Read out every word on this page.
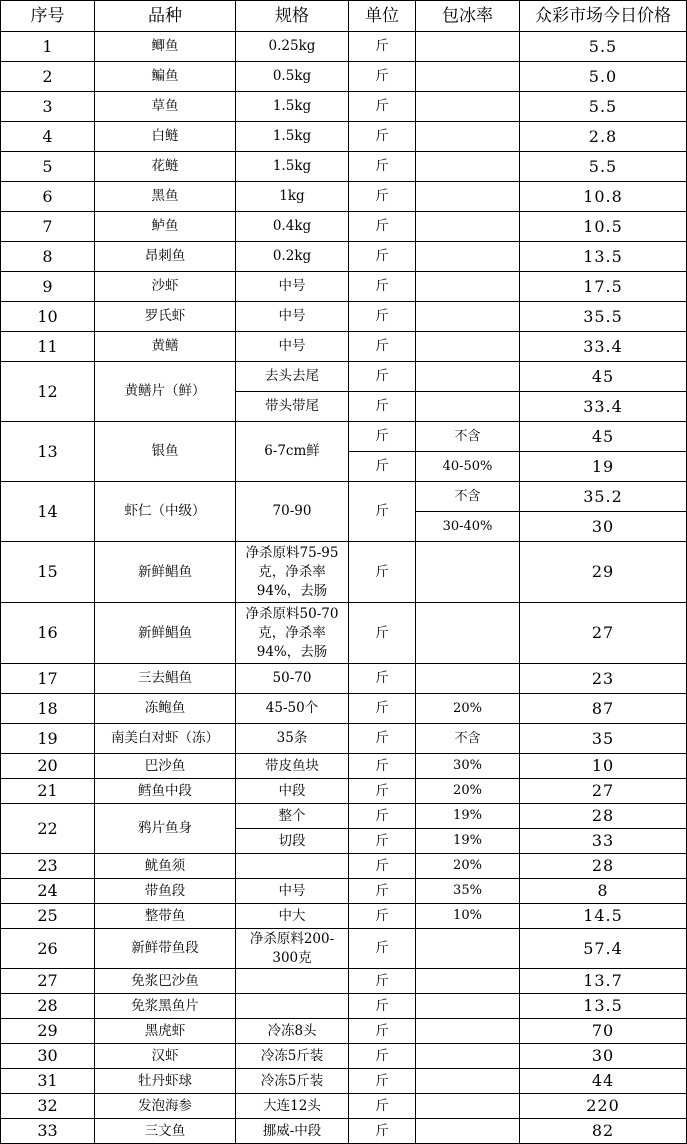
序号	品种	规格	单位	包冰率	众彩市场今日价格
1	鲫鱼	0.25kg	斤		5.5
2	鳊鱼	0.5kg	斤		5.0
3	草鱼	1.5kg	斤		5.5
4	白鲢	1.5kg	斤		2.8
5	花鲢	1.5kg	斤		5.5
6	黑鱼	1kg	斤		10.8
7	鲈鱼	0.4kg	斤		10.5
8	昂刺鱼	0.2kg	斤		13.5
9	沙虾	中号	斤		17.5
10	罗氏虾	中号	斤		35.5
11	黄鳝	中号	斤		33.4
12	黄鳝片（鲜）	去头去尾	斤		45
		带头带尾	斤		33.4
13	银鱼	6-7cm鲜	斤	不含	45
			斤	40-50%	19
14	虾仁（中级）	70-90	斤	不含	35.2
				30-40%	30
15	新鲜鲳鱼	净杀原料75-95克，净杀率94%，去肠	斤		29
16	新鲜鲳鱼	净杀原料50-70克，净杀率94%，去肠	斤		27
17	三去鲳鱼	50-70	斤		23
18	冻鲍鱼	45-50个	斤	20%	87
19	南美白对虾（冻）	35条	斤	不含	35
20	巴沙鱼	带皮鱼块	斤	30%	10
21	鳕鱼中段	中段	斤	20%	27
22	鸦片鱼身	整个	斤	19%	28
		切段	斤	19%	33
23	鱿鱼须		斤	20%	28
24	带鱼段	中号	斤	35%	8
25	整带鱼	中大	斤	10%	14.5
26	新鲜带鱼段	净杀原料200-300克	斤		57.4
27	免浆巴沙鱼		斤		13.7
28	免浆黑鱼片		斤		13.5
29	黑虎虾	冷冻8头	斤		70
30	汉虾	冷冻5斤装	斤		30
31	牡丹虾球	冷冻5斤装	斤		44
32	发泡海参	大连12头	斤		220
33	三文鱼	挪威-中段	斤		82
